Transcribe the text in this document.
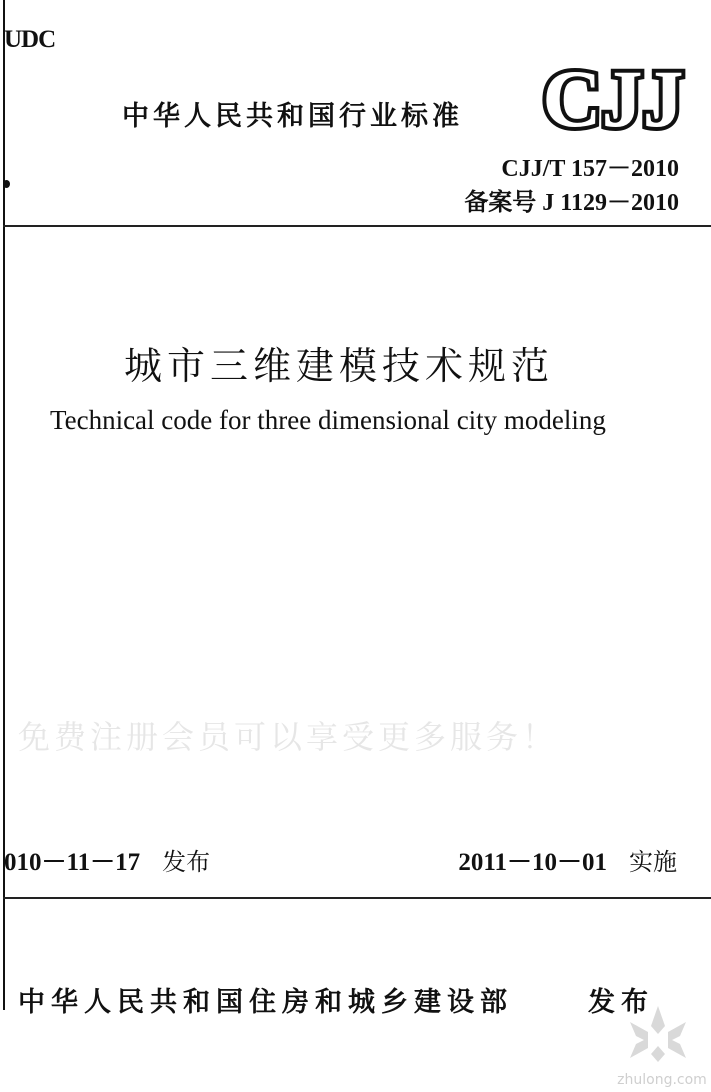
UDC
中华人民共和国行业标准 CJJ
CJJ/T 157－2010
备案号 J 1129－2010
城市三维建模技术规范
Technical code for three dimensional city modeling
免费注册会员可以享受更多服务！
010－11－17 发布	2011－10－01 实施
中华人民共和国住房和城乡建设部	发布
zhulong.com
